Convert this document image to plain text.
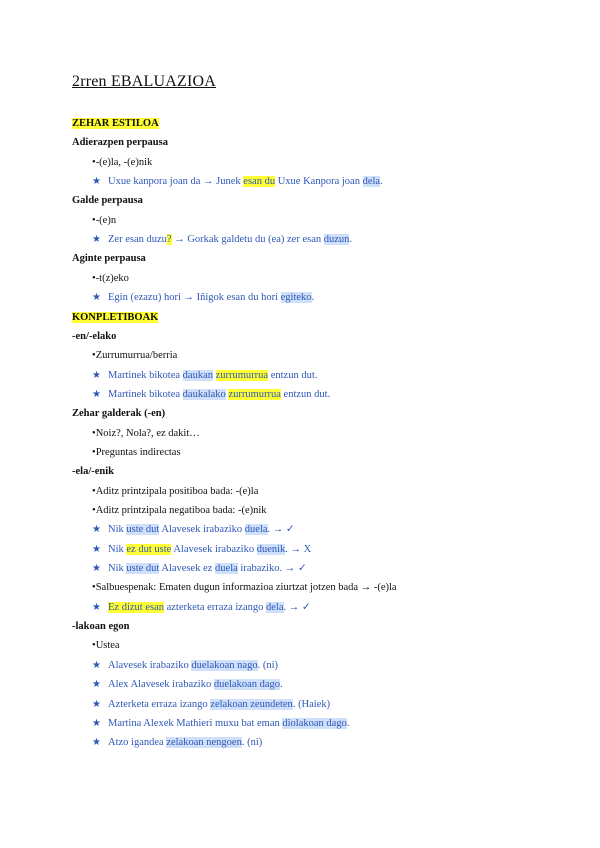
2rren EBALUAZIOA
ZEHAR ESTILOA
Adierazpen perpausa
•-(e)la, -(e)nik
★ Uxue kanpora joan da → Junek esan du Uxue Kanpora joan dela.
Galde perpausa
•-(e)n
★ Zer esan duzu? → Gorkak galdetu du (ea) zer esan duzun.
Agintе perpausa
•-t(z)eko
★ Egin (ezazu) hori → Iñigok esan du hori egiteko.
KONPLETIBOAK
-en/-elako
•Zurrumurrua/berria
★ Martinek bikotea daukan zurrumurrua entzun dut.
★ Martinek bikotea daukalako zurrumurrua entzun dut.
Zehar galderak (-en)
•Noiz?, Nola?, ez dakit…
•Preguntas indirectas
-ela/-enik
•Aditz printzipala positiboa bada: -(e)la
•Aditz printzipala negatiboa bada: -(e)nik
★ Nik uste dut Alavesek irabaziko duela. → ✓
★ Nik ez dut uste Alavesek irabaziko duenik. → X
★ Nik uste dut Alavesek ez duela irabaziko. → ✓
•Salbuespenak: Ematen dugun informazioa ziurtzat jotzen bada → -(e)la
★ Ez dizut esan azterketa erraza izango dela. → ✓
-lakoan egon
•Ustea
★ Alavesek irabaziko duelakoan nago. (ni)
★ Alex Alavesek irabaziko duelakoan dago.
★ Azterketa erraza izango zelakoan zeundeten. (Haiek)
★ Martina Alexek Mathieri muxu bat eman diolakoan dago.
★ Atzo igandea zelakoan nengoen. (ni)
